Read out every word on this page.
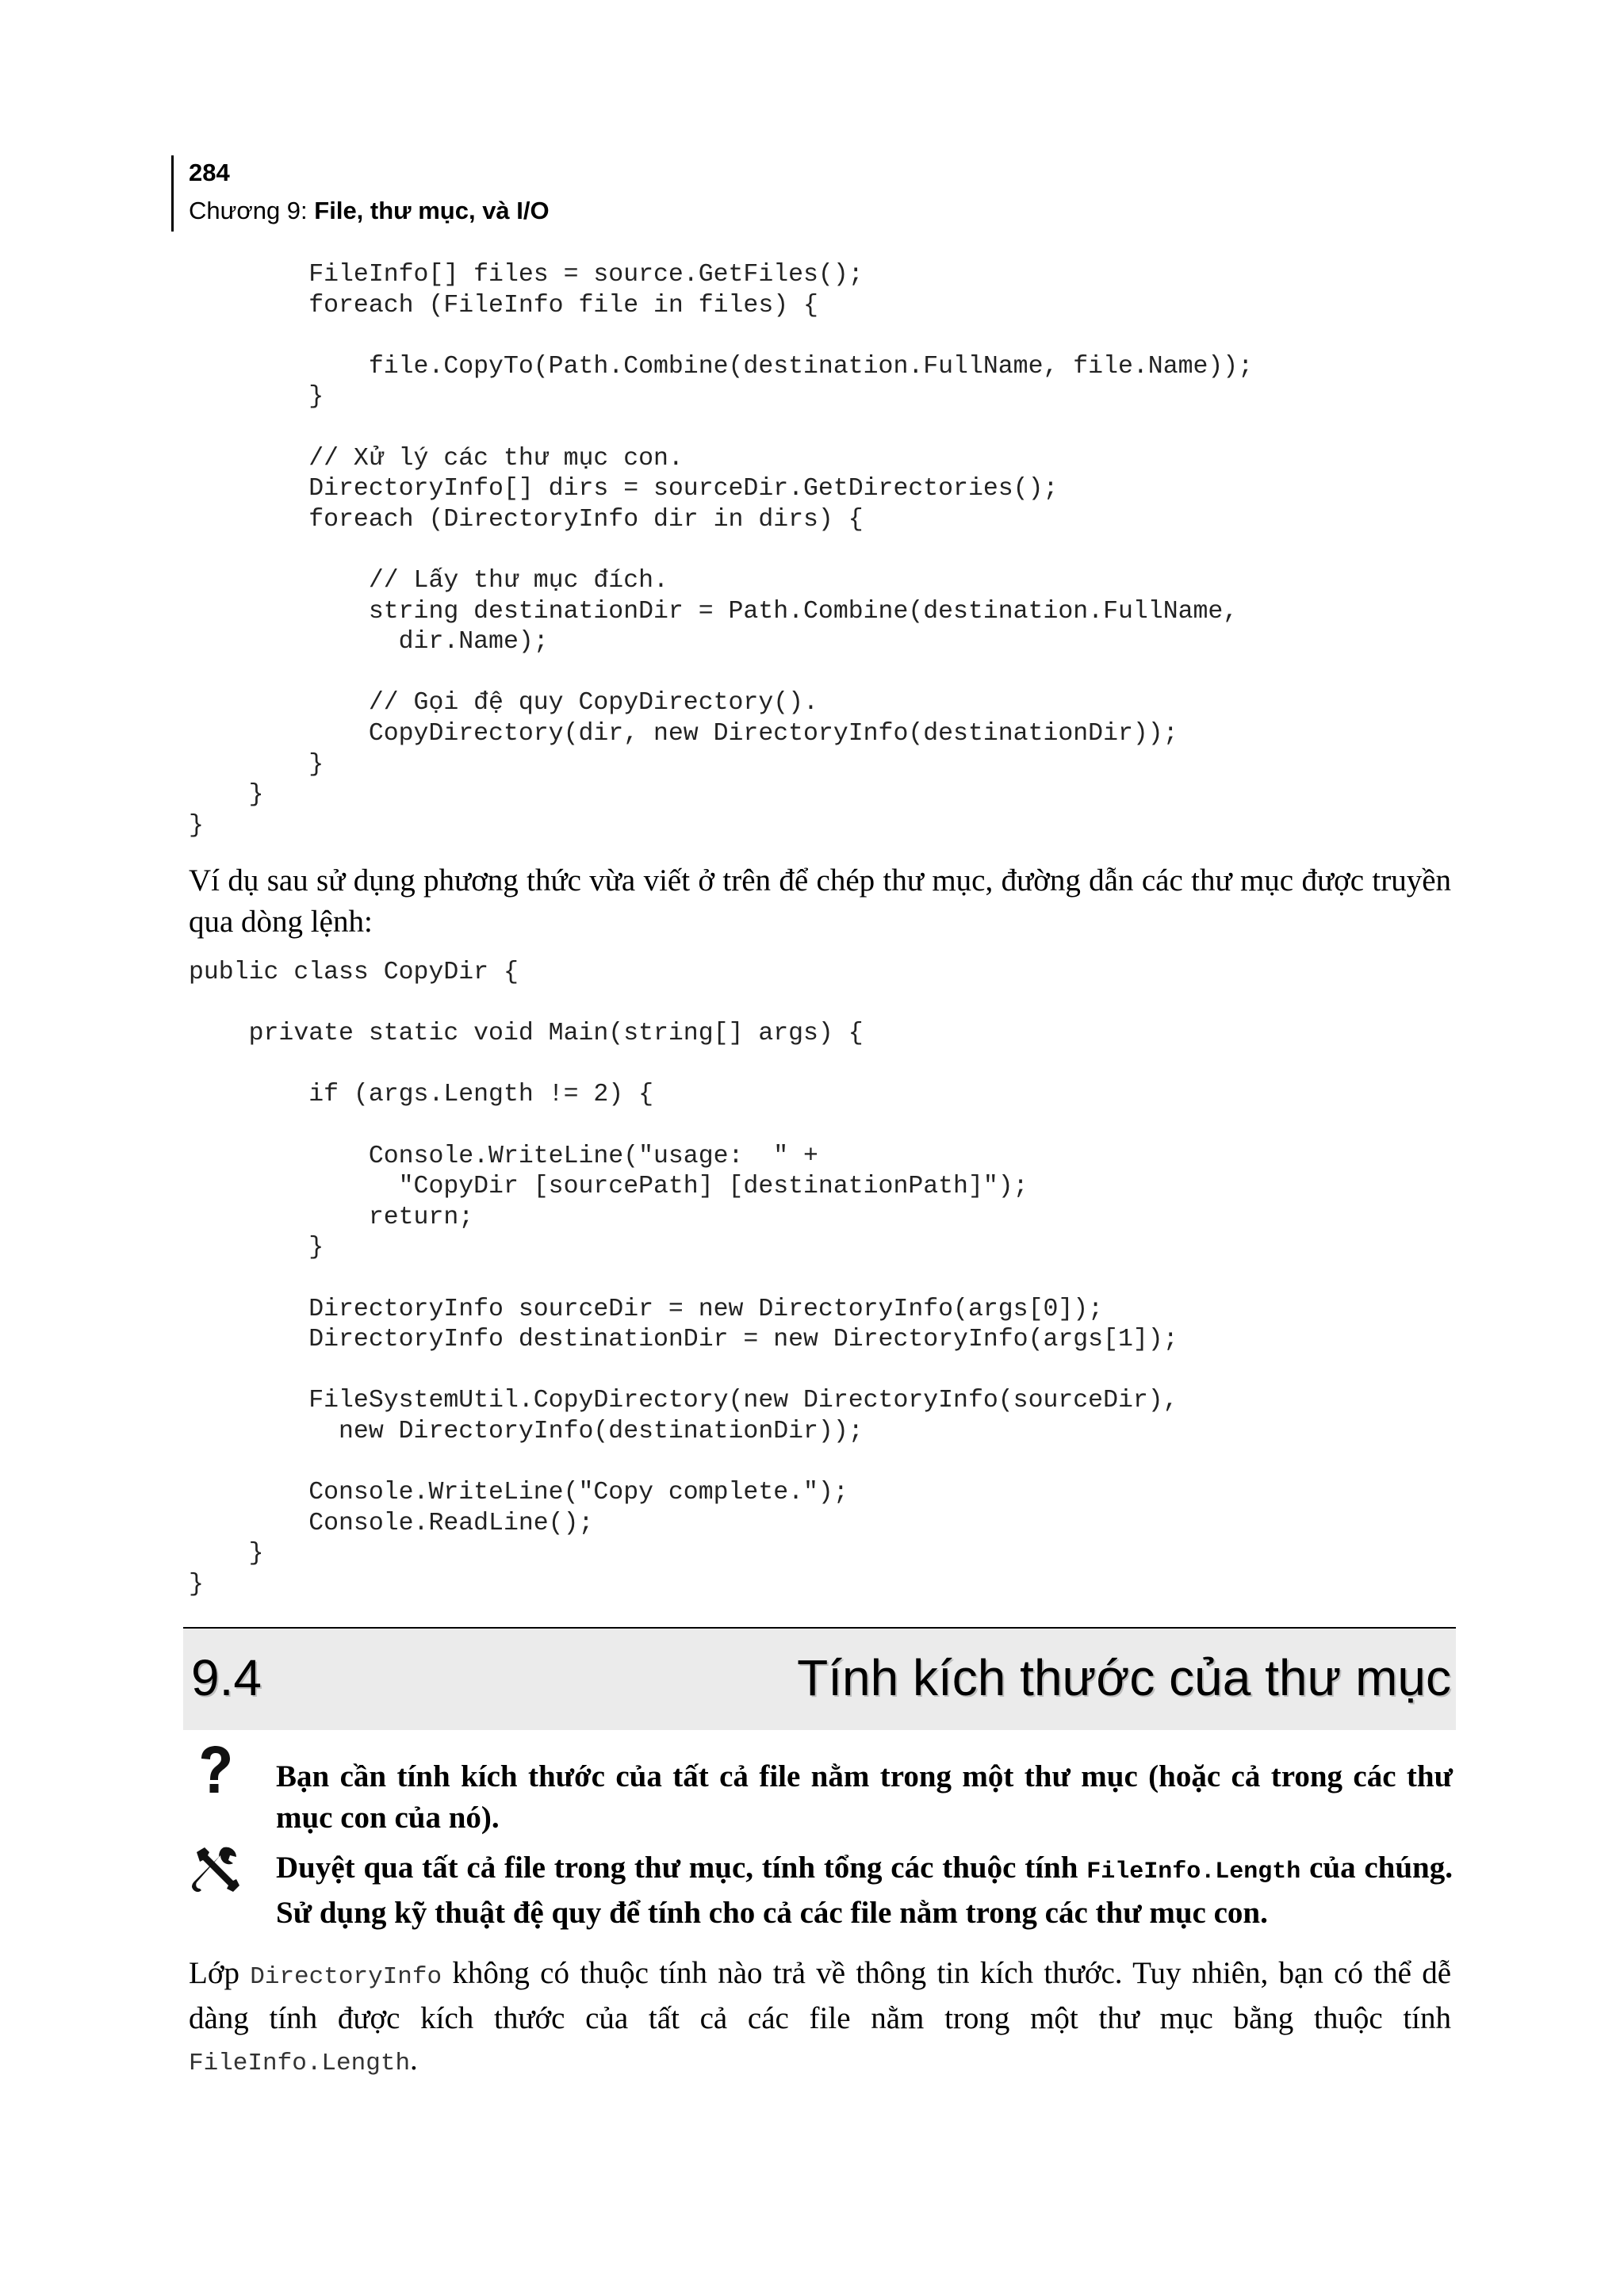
284
Chương 9: File, thư mục, và I/O
FileInfo[] files = source.GetFiles();
foreach (FileInfo file in files) {

file.CopyTo(Path.Combine(destination.FullName, file.Name));
}

// Xử lý các thư mục con.
DirectoryInfo[] dirs = sourceDir.GetDirectories();
foreach (DirectoryInfo dir in dirs) {

// Lấy thư mục đích.
string destinationDir = Path.Combine(destination.FullName,
dir.Name);

// Gọi đệ quy CopyDirectory().
CopyDirectory(dir, new DirectoryInfo(destinationDir));
}
}
}
Ví dụ sau sử dụng phương thức vừa viết ở trên để chép thư mục, đường dẫn các thư mục được truyền qua dòng lệnh:
public class CopyDir {

private static void Main(string[] args) {

if (args.Length != 2) {

Console.WriteLine("usage:  " +
"CopyDir [sourcePath] [destinationPath]");
return;
}

DirectoryInfo sourceDir = new DirectoryInfo(args[0]);
DirectoryInfo destinationDir = new DirectoryInfo(args[1]);

FileSystemUtil.CopyDirectory(new DirectoryInfo(sourceDir),
new DirectoryInfo(destinationDir));

Console.WriteLine("Copy complete.");
Console.ReadLine();
}
}
9.4	Tính kích thước của thư mục
Bạn cần tính kích thước của tất cả file nằm trong một thư mục (hoặc cả trong các thư mục con của nó).
Duyệt qua tất cả file trong thư mục, tính tổng các thuộc tính FileInfo.Length của chúng. Sử dụng kỹ thuật đệ quy để tính cho cả các file nằm trong các thư mục con.
Lớp DirectoryInfo không có thuộc tính nào trả về thông tin kích thước. Tuy nhiên, bạn có thể dễ dàng tính được kích thước của tất cả các file nằm trong một thư mục bằng thuộc tính FileInfo.Length.
